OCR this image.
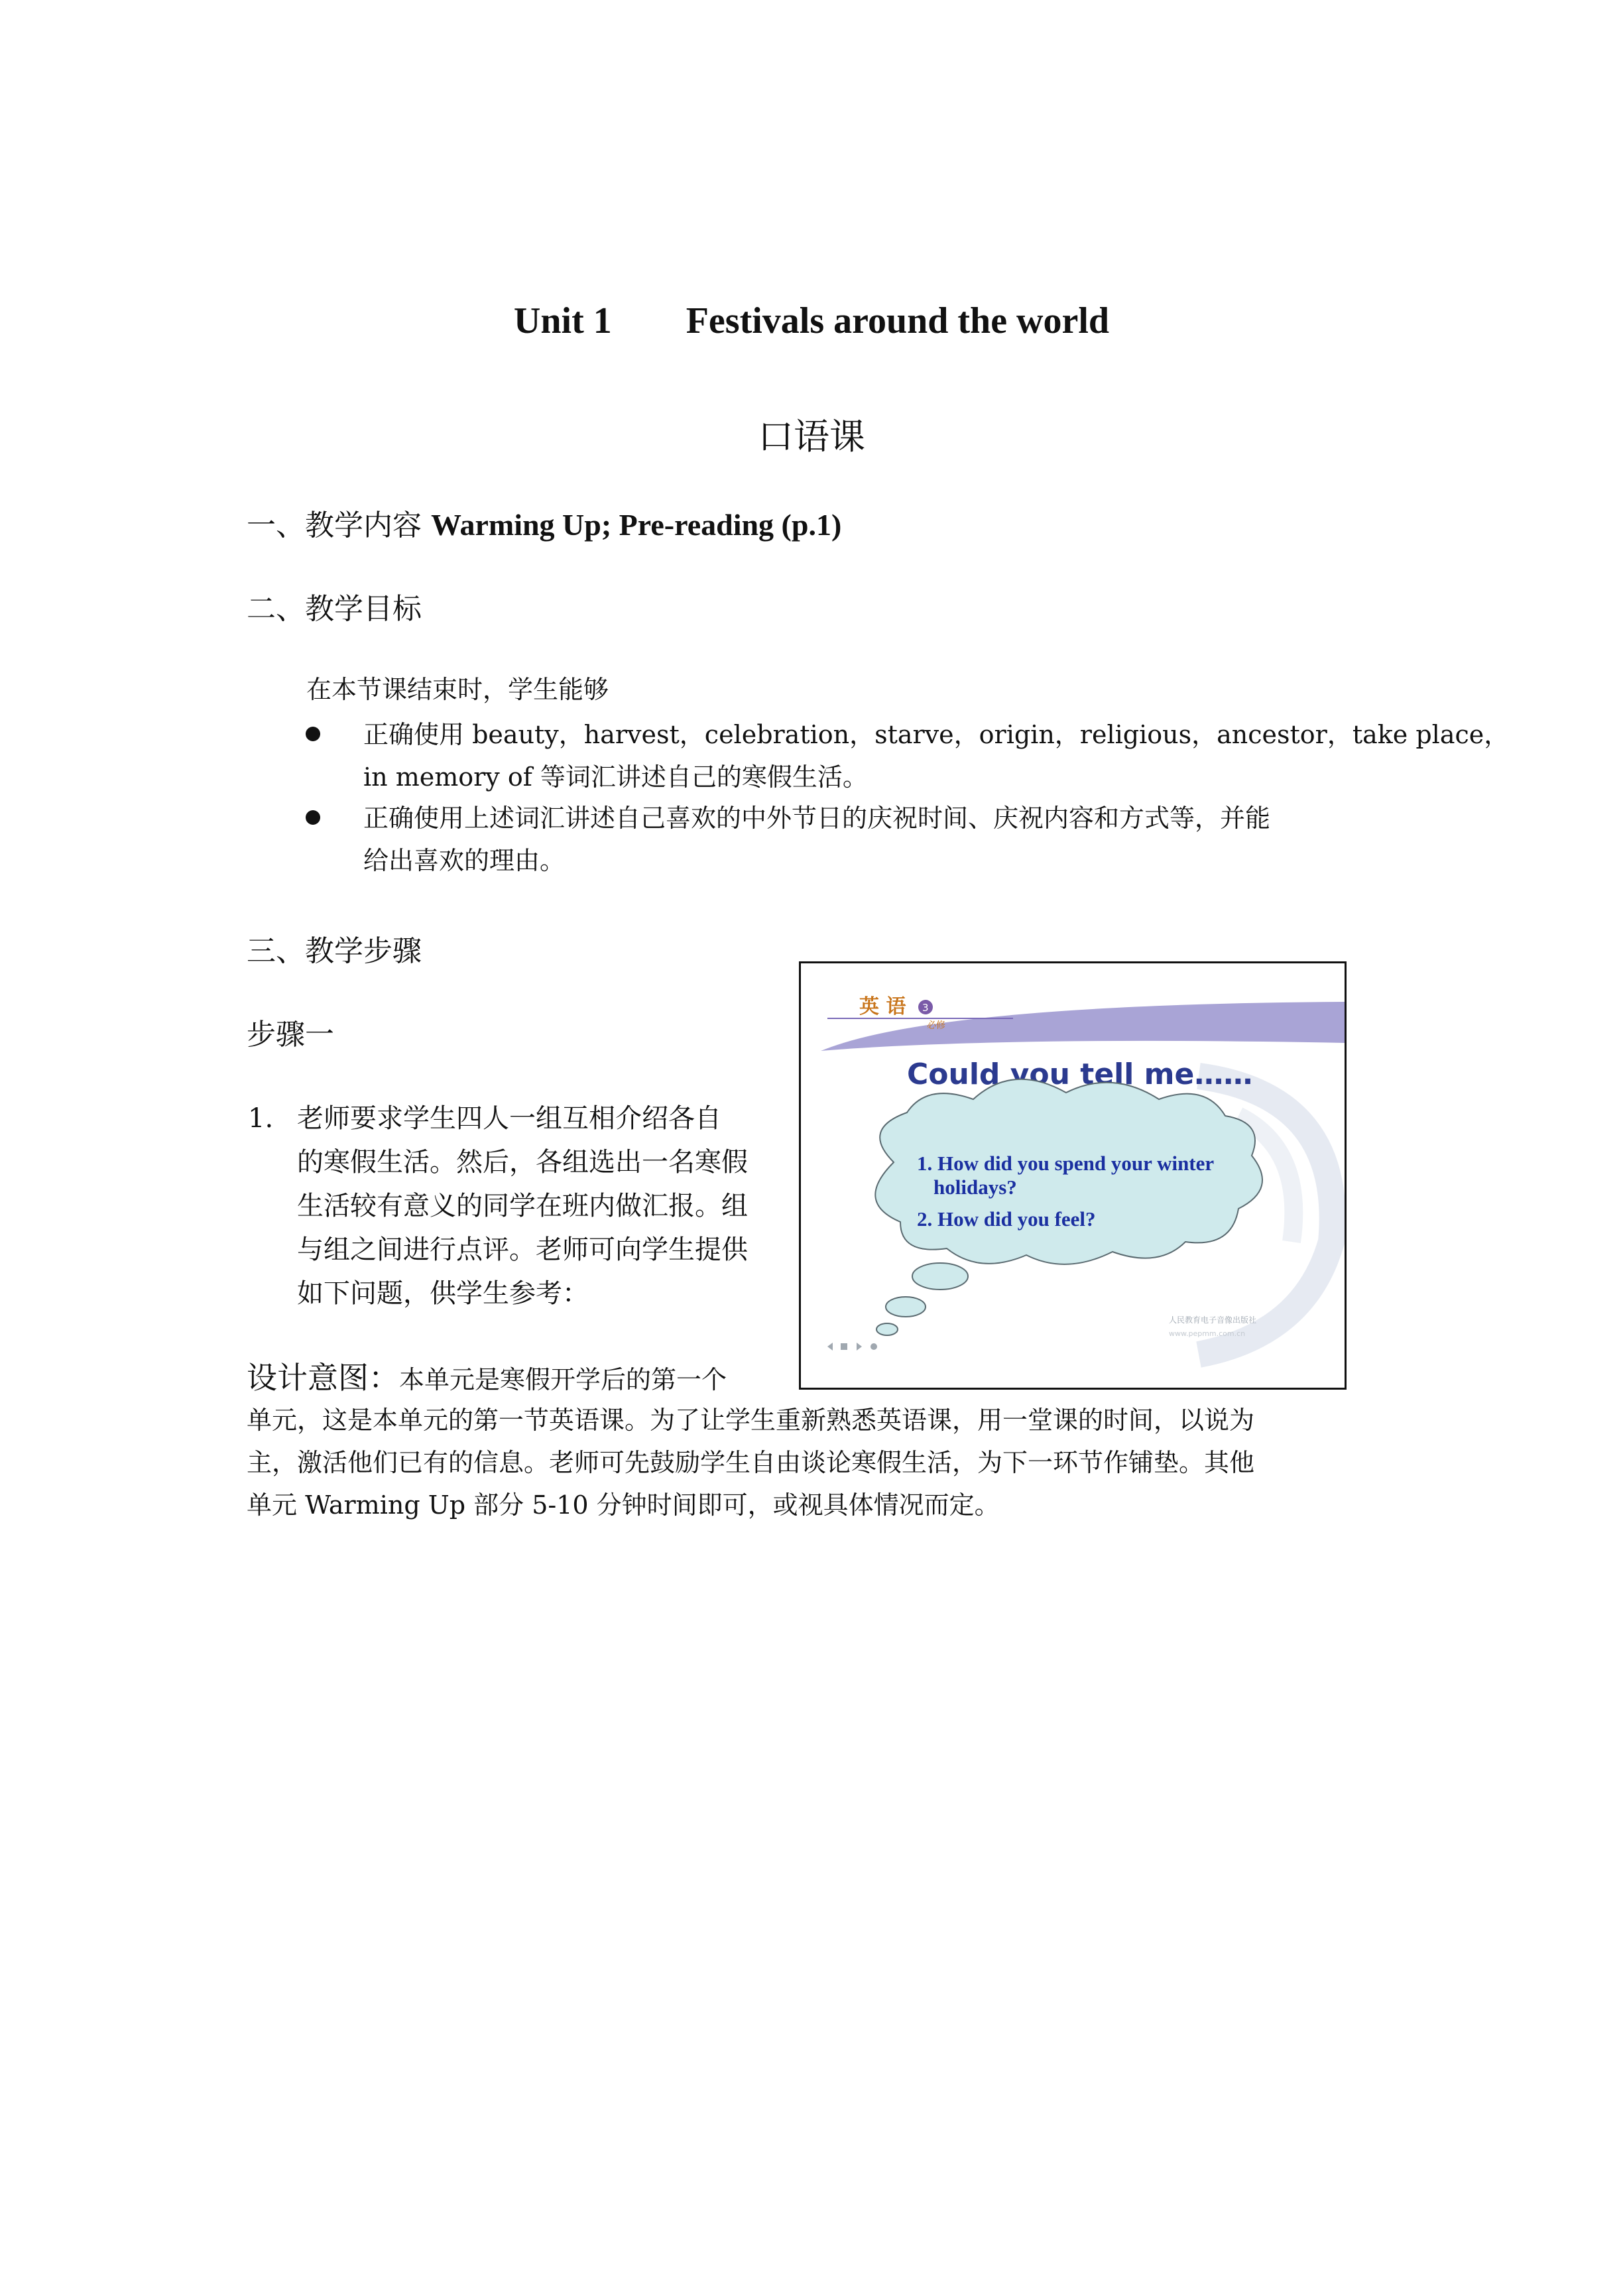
Unit 1 Festivals around the world
口语课
一、教学内容 Warming Up; Pre-reading (p.1)
二、教学目标
在本节课结束时，学生能够
正确使用 beauty，harvest，celebration，starve，origin，religious，ancestor，take place，
in memory of 等词汇讲述自己的寒假生活。
正确使用上述词汇讲述自己喜欢的中外节日的庆祝时间、庆祝内容和方式等，并能
给出喜欢的理由。
三、教学步骤
步骤一
1. 老师要求学生四人一组互相介绍各自
的寒假生活。然后，各组选出一名寒假
生活较有意义的同学在班内做汇报。组
与组之间进行点评。老师可向学生提供
如下问题，供学生参考：
设计意图：本单元是寒假开学后的第一个
单元，这是本单元的第一节英语课。为了让学生重新熟悉英语课，用一堂课的时间，以说为
主，激活他们已有的信息。老师可先鼓励学生自由谈论寒假生活，为下一环节作铺垫。其他
单元 Warming Up 部分 5-10 分钟时间即可，或视具体情况而定。
英 语 3
必修
Could you tell me……
1. How did you spend your winter
holidays?
2. How did you feel?
人民教育电子音像出版社
www.pepmm.com.cn
